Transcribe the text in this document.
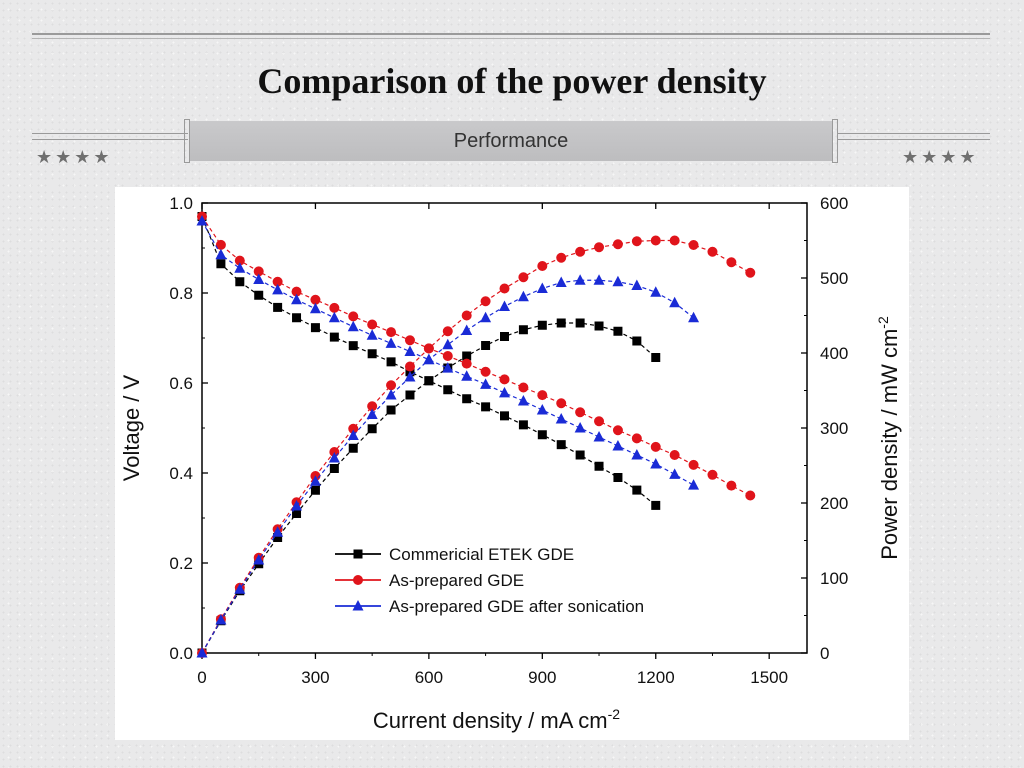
Comparison of the power density
Performance
★★★★	★★★★
0	300	600	900	1200	1500
0.0
0.2
0.4
0.6
0.8
1.0
0
100
200
300
400
500
600
Current density / mA $cm^{-2}$
Voltage / V	Power density / mW $cm^{-2}$
Commericial ETEK GDE
As-prepared GDE
As-prepared GDE after sonication
